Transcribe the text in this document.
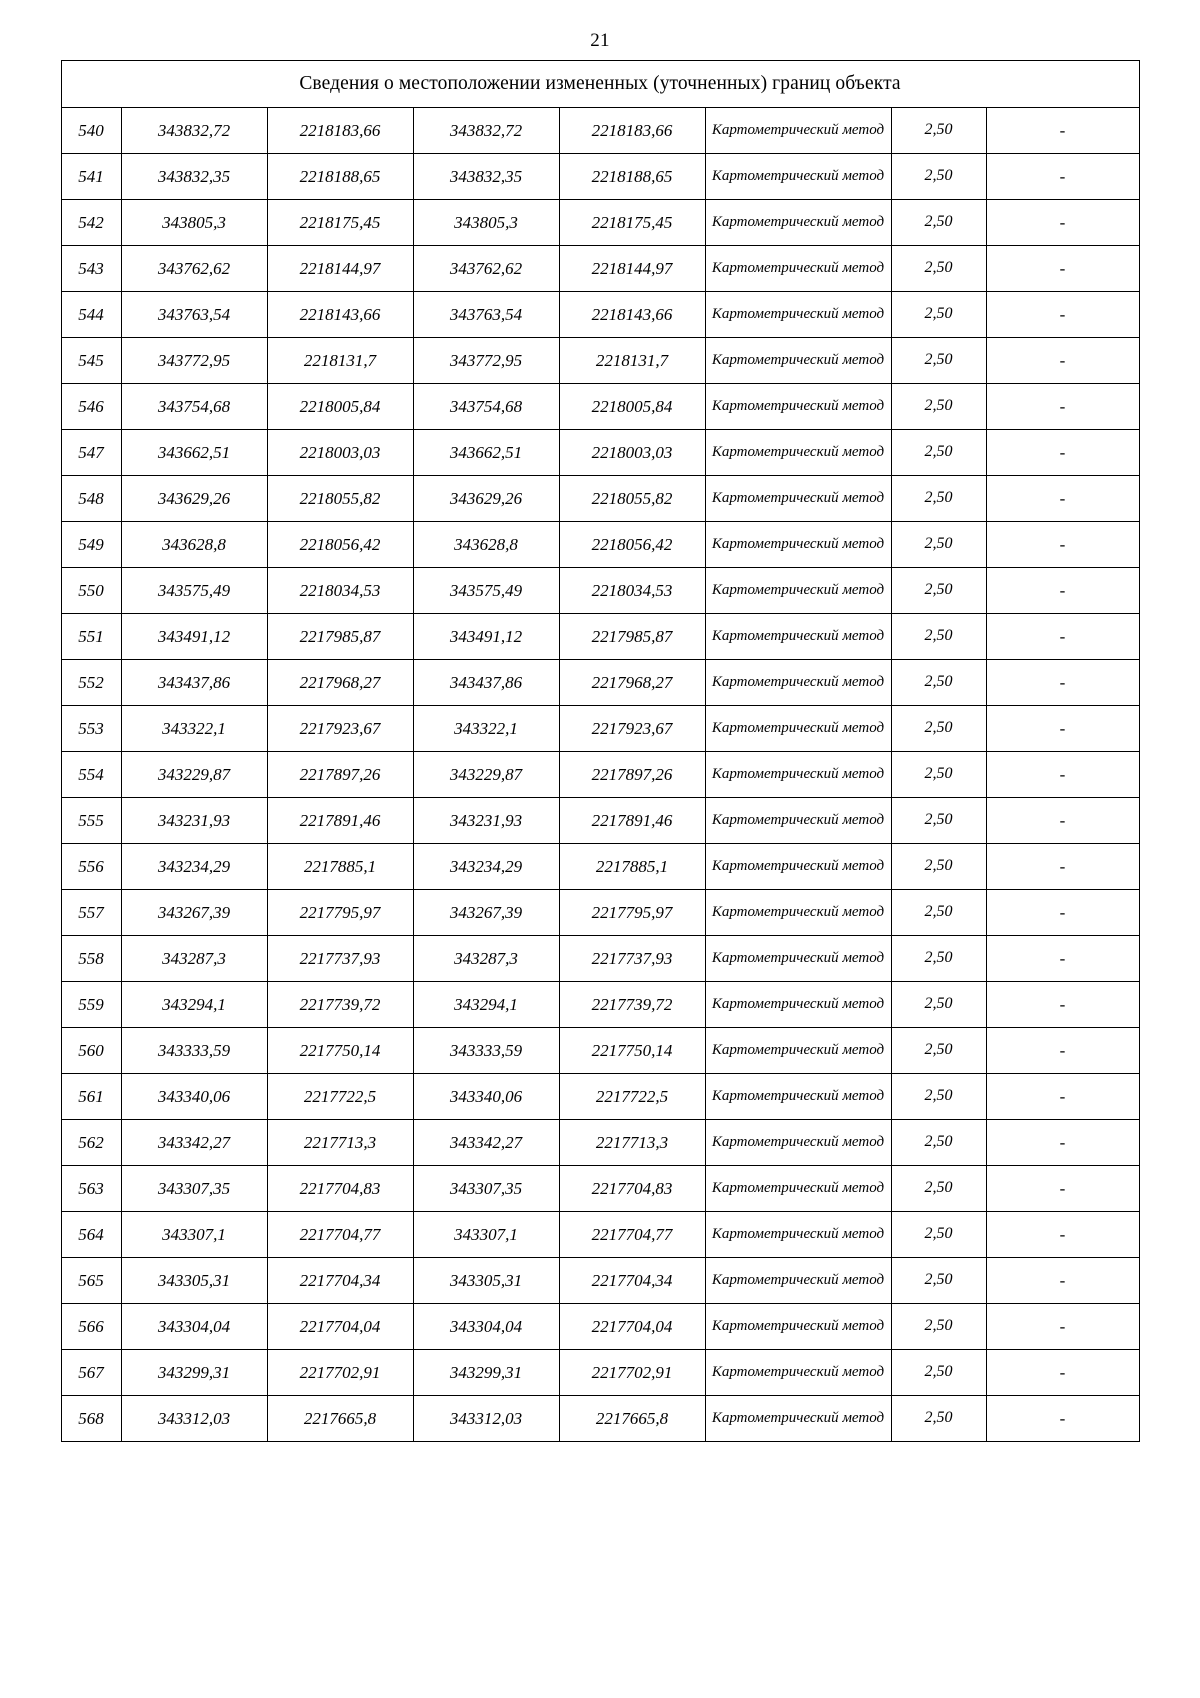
21
Сведения о местоположении измененных (уточненных) границ объекта							
540	343832,72	2218183,66	343832,72	2218183,66	Картометрический метод	2,50	-
541	343832,35	2218188,65	343832,35	2218188,65	Картометрический метод	2,50	-
542	343805,3	2218175,45	343805,3	2218175,45	Картометрический метод	2,50	-
543	343762,62	2218144,97	343762,62	2218144,97	Картометрический метод	2,50	-
544	343763,54	2218143,66	343763,54	2218143,66	Картометрический метод	2,50	-
545	343772,95	2218131,7	343772,95	2218131,7	Картометрический метод	2,50	-
546	343754,68	2218005,84	343754,68	2218005,84	Картометрический метод	2,50	-
547	343662,51	2218003,03	343662,51	2218003,03	Картометрический метод	2,50	-
548	343629,26	2218055,82	343629,26	2218055,82	Картометрический метод	2,50	-
549	343628,8	2218056,42	343628,8	2218056,42	Картометрический метод	2,50	-
550	343575,49	2218034,53	343575,49	2218034,53	Картометрический метод	2,50	-
551	343491,12	2217985,87	343491,12	2217985,87	Картометрический метод	2,50	-
552	343437,86	2217968,27	343437,86	2217968,27	Картометрический метод	2,50	-
553	343322,1	2217923,67	343322,1	2217923,67	Картометрический метод	2,50	-
554	343229,87	2217897,26	343229,87	2217897,26	Картометрический метод	2,50	-
555	343231,93	2217891,46	343231,93	2217891,46	Картометрический метод	2,50	-
556	343234,29	2217885,1	343234,29	2217885,1	Картометрический метод	2,50	-
557	343267,39	2217795,97	343267,39	2217795,97	Картометрический метод	2,50	-
558	343287,3	2217737,93	343287,3	2217737,93	Картометрический метод	2,50	-
559	343294,1	2217739,72	343294,1	2217739,72	Картометрический метод	2,50	-
560	343333,59	2217750,14	343333,59	2217750,14	Картометрический метод	2,50	-
561	343340,06	2217722,5	343340,06	2217722,5	Картометрический метод	2,50	-
562	343342,27	2217713,3	343342,27	2217713,3	Картометрический метод	2,50	-
563	343307,35	2217704,83	343307,35	2217704,83	Картометрический метод	2,50	-
564	343307,1	2217704,77	343307,1	2217704,77	Картометрический метод	2,50	-
565	343305,31	2217704,34	343305,31	2217704,34	Картометрический метод	2,50	-
566	343304,04	2217704,04	343304,04	2217704,04	Картометрический метод	2,50	-
567	343299,31	2217702,91	343299,31	2217702,91	Картометрический метод	2,50	-
568	343312,03	2217665,8	343312,03	2217665,8	Картометрический метод	2,50	-
